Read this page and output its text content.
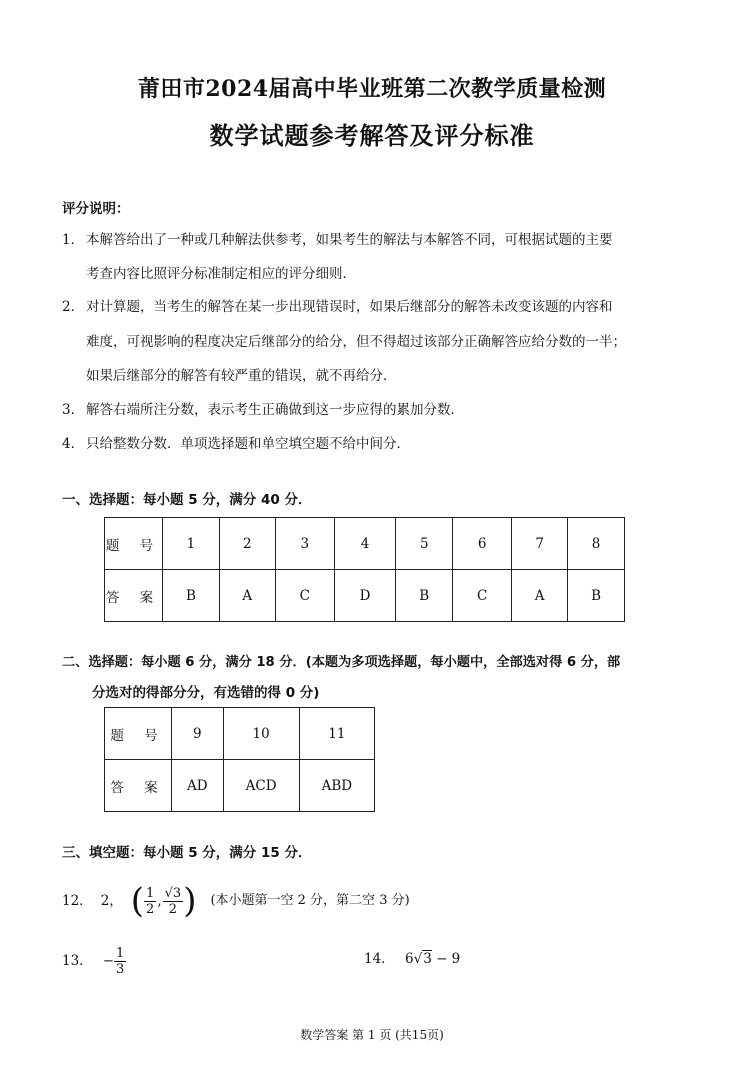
莆田市2024届高中毕业班第二次教学质量检测
数学试题参考解答及评分标准
评分说明：
1． 本解答给出了一种或几种解法供参考，如果考生的解法与本解答不同，可根据试题的主要
考查内容比照评分标准制定相应的评分细则．
2． 对计算题，当考生的解答在某一步出现错误时，如果后继部分的解答未改变该题的内容和
难度，可视影响的程度决定后继部分的给分，但不得超过该部分正确解答应给分数的一半；
如果后继部分的解答有较严重的错误，就不再给分．
3． 解答右端所注分数，表示考生正确做到这一步应得的累加分数．
4． 只给整数分数．单项选择题和单空填空题不给中间分．
一、选择题：每小题 5 分，满分 40 分．
题 号	1	2	3	4	5	6	7	8
答 案	B	A	C	D	B	C	A	B
二、选择题：每小题 6 分，满分 18 分．(本题为多项选择题，每小题中，全部选对得 6 分，部
分选对的得部分分，有选错的得 0 分)
题 号	9	10	11
答 案	AD	ACD	ABD
三、填空题：每小题 5 分，满分 15 分．
12． 2， ( $\frac{1}{2}$ , $\frac{√3}{2}$ ) (本小题第一空 2 分，第二空 3 分)
13． − $\frac{1}{3}$	14． 6√3 − 9
数学答案 第 1 页 (共15页)
